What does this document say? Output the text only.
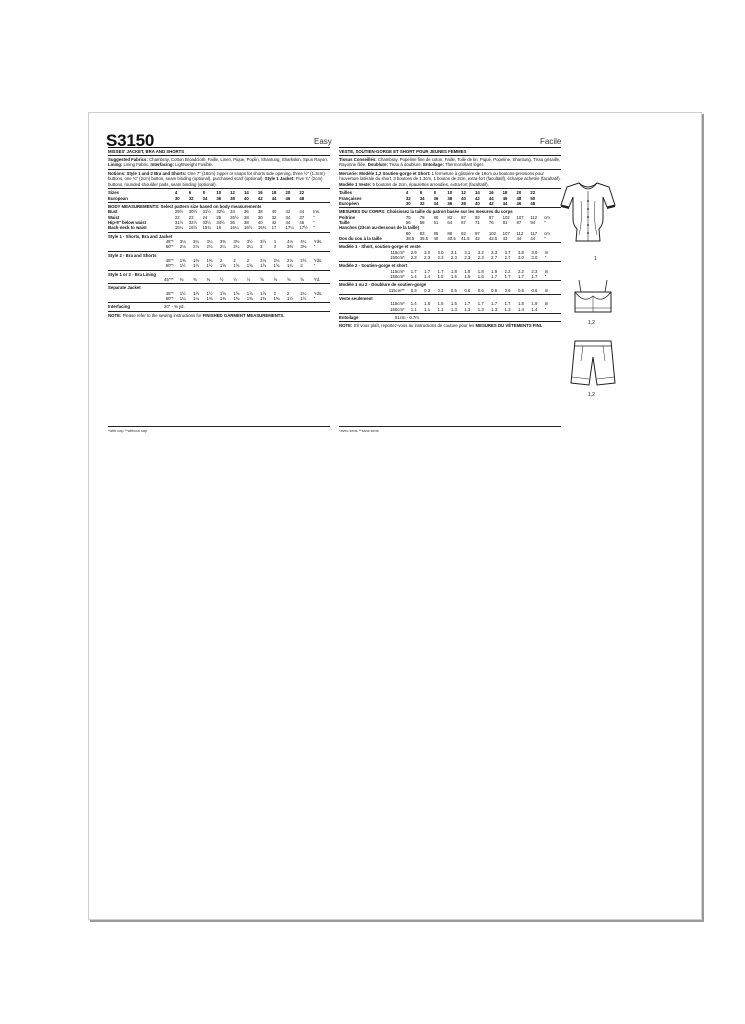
S3150	Easy	Facile
MISSES' JACKET, BRA AND SHORTS
Suggested Fabrics: Chambray, Cotton Broadcloth, Faille, Linen, Pique, Poplin, Shantung, Sharkskin, Spun Rayon. Lining: Lining Fabric. Interfacing: Lightweight Fusible.
Notions: Style 1 and 2 Bra and Shorts: One 7" (18cm) zipper or snaps for shorts side opening, three ½" (1.3cm) buttons, one ¾" (2cm) button, seam binding (optional), purchased scarf (optional). Style 1 Jacket: Five ¾" (2cm) buttons, rounded shoulder pads, seam binding (optional).
Sizes	4	6	8	10	12	14	16	18	20	22	
European	30	32	34	36	38	40	42	44	46	48	
BODY MEASUREMENTS: Select pattern size based on body measurements
Bust	29½	30½	31½	32½	34	36	38	40	42	44	Ins.
Waist	22	23	24	25	26½	28	30	32	34	37	"
Hip-9" below waist	31½	32½	33½	34½	36	38	40	42	44	46	"
Back-neck to waist	15¼	15½	15¾	16	16¼	16½	16¾	17	17¼	17½	"
Style 1 - Shorts, Bra and Jacket
45"*	3⅛	3¼	3¼	3⅜	3⅜	3½	3½	4	4⅛	4¼	Yds.
60"*	2⅛	2⅛	2⅛	2¼	2¼	2¼	3	3	3⅜	3⅜	"
Style 2 - Bra and Shorts
45"*	1⅜	1⅜	1⅜	2	2	2	2⅛	2⅛	2⅛	2½	Yds.
60"*	1½	1½	1½	1⅝	1⅝	1⅝	1⅝	1⅝	1¾	2	"
Style 1 or 2 - Bra Lining
45"**	⅜	⅜	⅜	½	½	½	⅝	⅝	⅝	⅝	Yd.
Separate Jacket
45"*	1½	1½	1½	1⅝	1⅝	1⅞	1⅞	2	2	2¼	Yds.
60"*	1¼	1¼	1⅜	1⅜	1⅜	1⅜	1⅜	1⅜	1½	1½	"
Interfacing	20" - ⅜ yd.
NOTE: Please refer to the sewing instructions for FINISHED GARMENT MEASUREMENTS.
VESTE, SOUTIEN-GORGE ET SHORT POUR JEUNES FEMMES
Tissus Conseillés: Chambray, Popeline fine de coton, Faille, Toile de lin, Piqué, Popeline, Shantung, Tissu grisaille, Rayonne filée. Doublure: Tissu à doublure. Entoilage: Thermocollant léger.
Mercerie: Modèle 1,2 Soutien-gorge et Short: 1 fermeture à glissière de 18cm ou boutons-pressions pour l'ouverture latérale du short, 3 boutons de 1.3cm, 1 bouton de 2cm, extra-fort (facultatif), écharpe achetée (facultatif). Modèle 1 Veste: 5 boutons de 2cm, épaulettes arrondies, extra-fort (facultatif).
Tailles	4	6	8	10	12	14	16	18	20	22	
Françaises	32	34	36	38	40	42	44	46	48	50	
Européen	30	32	34	36	38	40	42	44	46	48	
MESURES DU CORPS: Choisissez la taille du patron basée sur les mesures du corps
Poitrine	75	78	80	83	87	92	97	102	107	112	cm
Taille	56	58	61	64	67	71	76	81	87	94	"
Hanches (23cm au-dessous de la taille)
	80	83	85	88	92	97	102	107	112	117	cm
Dos du cou à la taille	38.5	39.5	40	40.5	41.5	42	42.5	43	44	44	"
Modèle 1 - Short, soutien-gorge et veste
115cm*	2.9	3.0	3.0	3.1	3.1	3.2	3.3	3.7	3.8	3.9	m
150cm*	2.3	2.3	2.3	2.3	2.3	2.3	2.7	2.7	3.0	3.0	"
Modèle 2 - Soutien-gorge et short
115cm*	1.7	1.7	1.7	1.8	1.8	1.8	1.9	2.2	2.2	2.3	m
150cm*	1.4	1.4	1.5	1.5	1.5	1.6	1.7	1.7	1.7	1.7	"
Modèle 1 ou 2 - Doublure de soutien-gorge
115cm**	0.3	0.3	0.3	0.5	0.6	0.6	0.6	0.6	0.6	0.6	m
Veste seulement
115cm*	1.4	1.5	1.5	1.5	1.7	1.7	1.7	1.7	1.8	1.9	m
150cm*	1.1	1.1	1.1	1.3	1.3	1.3	1.3	1.3	1.4	1.4	"
Entoilage	51cm - 0.7m
NOTE: S'il vous plaît, reportez-vous au instructions de couture pour les MESURES DU VÊTEMENTS FINI.
*with nap **without nap	*avec sens **sans sens
1
1,2
1,2
